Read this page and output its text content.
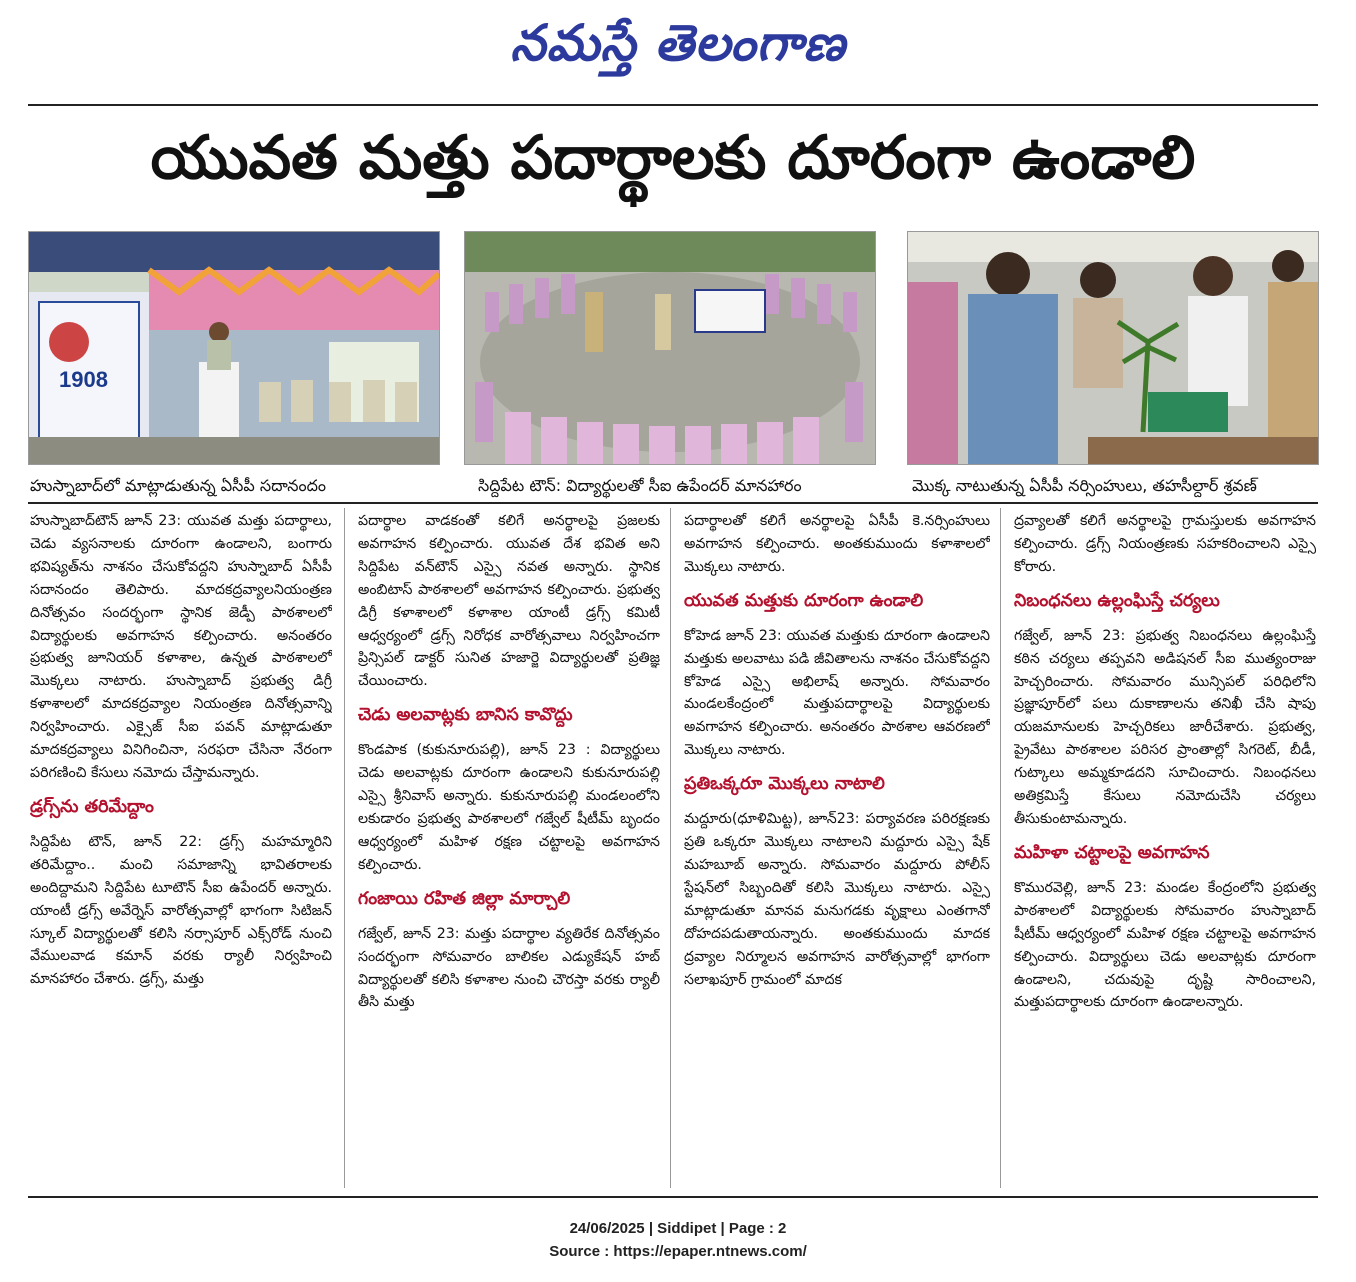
నమస్తే తెలంగాణ
యువత మత్తు పదార్థాలకు దూరంగా ఉండాలి
1908
హుస్నాబాద్‌లో మాట్లాడుతున్న ఏసీపీ సదానందం	సిద్దిపేట టౌన్: విద్యార్థులతో సీఐ ఉపేందర్ మానహారం	మొక్క నాటుతున్న ఏసీపీ నర్సింహులు, తహసీల్దార్ శ్రవణ్

హుస్నాబాద్‌టౌన్ జూన్ 23: యువత మత్తు పదార్థాలు, చెడు వ్యసనాలకు దూరంగా ఉండాలని, బంగారు భవిష్యత్‌ను నాశనం చేసుకోవద్దని హుస్నాబాద్ ఏసీపీ సదానందం తెలిపారు. మాదకద్రవ్యాలనియంత్రణ దినోత్సవం సందర్భంగా స్థానిక జెడ్పీ పాఠశాలలో విద్యార్థులకు అవగాహన కల్పించారు. అనంతరం ప్రభుత్వ జూనియర్ కళాశాల, ఉన్నత పాఠశాలలో మొక్కలు నాటారు. హుస్నాబాద్ ప్రభుత్వ డిగ్రీ కళాశాలలో మాదకద్రవ్యాల నియంత్రణ దినోత్సవాన్ని నిర్వహించారు. ఎక్సైజ్ సీఐ పవన్ మాట్లాడుతూ మాదకద్రవ్యాలు వినిగించినా, సరఫరా చేసినా నేరంగా పరిగణించి కేసులు నమోదు చేస్తామన్నారు.

డ్రగ్స్‌ను తరిమేద్దాం

సిద్దిపేట టౌన్, జూన్ 22: డ్రగ్స్ మహమ్మారిని తరిమేద్దాం.. మంచి సమాజాన్ని భావితరాలకు అందిద్దామని సిద్దిపేట టూటౌన్ సీఐ ఉపేందర్ అన్నారు. యాంటీ డ్రగ్స్ అవేర్నెస్ వారోత్సవాల్లో భాగంగా సిటిజన్ స్కూల్ విద్యార్థులతో కలిసి నర్సాపూర్ ఎక్స్‌రోడ్ నుంచి వేములవాడ కమాన్ వరకు ర్యాలీ నిర్వహించి మానహారం చేశారు. డ్రగ్స్, మత్తు

పదార్థాల వాడకంతో కలిగే అనర్థాలపై ప్రజలకు అవగాహన కల్పించారు. యువత దేశ భవిత అని సిద్దిపేట వన్‌టౌన్ ఎస్సై నవత అన్నారు. స్థానిక అంబిటాస్ పాఠశాలలో అవగాహన కల్పించారు. ప్రభుత్వ డిగ్రీ కళాశాలలో కళాశాల యాంటీ డ్రగ్స్ కమిటీ ఆధ్వర్యంలో డ్రగ్స్ నిరోధక వారోత్సవాలు నిర్వహించగా ప్రిన్సిపల్ డాక్టర్ సునిత హజార్జె విద్యార్థులతో ప్రతిజ్ఞ చేయించారు.

చెడు అలవాట్లకు బానిస కావొద్దు

కొండపాక (కుకునూరుపల్లి), జూన్ 23 : విద్యార్థులు చెడు అలవాట్లకు దూరంగా ఉండాలని కుకునూరుపల్లి ఎస్సై శ్రీనివాస్ అన్నారు. కుకునూరుపల్లి మండలంలోని లకుడారం ప్రభుత్వ పాఠశాలలో గజ్వేల్ షీటీమ్ బృందం ఆధ్వర్యంలో మహిళ రక్షణ చట్టాలపై అవగాహన కల్పించారు.

గంజాయి రహిత జిల్లా మార్చాలి

గజ్వేల్, జూన్ 23: మత్తు పదార్థాల వ్యతిరేక దినోత్సవం సందర్భంగా సోమవారం బాలికల ఎడ్యుకేషన్ హబ్ విద్యార్థులతో కలిసి కళాశాల నుంచి చౌరస్తా వరకు ర్యాలీ తీసి మత్తు

పదార్థాలతో కలిగే అనర్థాలపై ఏసీపీ కె.నర్సింహులు అవగాహన కల్పించారు. అంతకుముందు కళాశాలలో మొక్కలు నాటారు.

యువత మత్తుకు దూరంగా ఉండాలి

కోహెడ జూన్ 23: యువత మత్తుకు దూరంగా ఉండాలని మత్తుకు అలవాటు పడి జీవితాలను నాశనం చేసుకోవద్దని కోహెడ ఎస్సై అభిలాష్ అన్నారు. సోమవారం మండలకేంద్రంలో మత్తుపదార్థాలపై విద్యార్థులకు అవగాహన కల్పించారు. అనంతరం పాఠశాల ఆవరణలో మొక్కలు నాటారు.

ప్రతిఒక్కరూ మొక్కలు నాటాలి

మద్దూరు(ధూళిమిట్ట), జూన్23: పర్యావరణ పరిరక్షణకు ప్రతి ఒక్కరూ మొక్కలు నాటాలని మద్దూరు ఎస్సై షేక్ మహబూబ్ అన్నారు. సోమవారం మద్దూరు పోలీస్ స్టేషన్‌లో సిబ్బందితో కలిసి మొక్కలు నాటారు. ఎస్సై మాట్లాడుతూ మానవ మనుగడకు వృక్షాలు ఎంతగానో దోహదపడుతాయన్నారు. అంతకుముందు మాదక ద్రవ్యాల నిర్మూలన అవగాహన వారోత్సవాల్లో భాగంగా సలాఖపూర్ గ్రామంలో మాదక

ద్రవ్యాలతో కలిగే అనర్థాలపై గ్రామస్తులకు అవగాహన కల్పించారు. డ్రగ్స్ నియంత్రణకు సహకరించాలని ఎస్సై కోరారు.

నిబంధనలు ఉల్లంఘిస్తే చర్యలు

గజ్వేల్, జూన్ 23: ప్రభుత్వ నిబంధనలు ఉల్లంఘిస్తే కఠిన చర్యలు తప్పవని అడిషనల్ సీఐ ముత్యంరాజు హెచ్చరించారు. సోమవారం మున్సిపల్ పరిధిలోని ప్రజ్ఞాపూర్‌లో పలు దుకాణాలను తనిఖీ చేసి షాపు యజమానులకు హెచ్చరికలు జారీచేశారు. ప్రభుత్వ, ప్రైవేటు పాఠశాలల పరిసర ప్రాంతాల్లో సిగరెట్, బీడీ, గుట్కాలు అమ్మకూడదని సూచించారు. నిబంధనలు అతిక్రమిస్తే కేసులు నమోదుచేసి చర్యలు తీసుకుంటామన్నారు.

మహిళా చట్టాలపై అవగాహన

కొమురవెల్లి, జూన్ 23: మండల కేంద్రంలోని ప్రభుత్వ పాఠశాలలో విద్యార్థులకు సోమవారం హుస్నాబాద్ షీటీమ్ ఆధ్వర్యంలో మహిళ రక్షణ చట్టాలపై అవగాహన కల్పించారు. విద్యార్థులు చెడు అలవాట్లకు దూరంగా ఉండాలని, చదువుపై దృష్టి సారించాలని, మత్తుపదార్థాలకు దూరంగా ఉండాలన్నారు.

24/06/2025 | Siddipet | Page : 2
Source : https://epaper.ntnews.com/
